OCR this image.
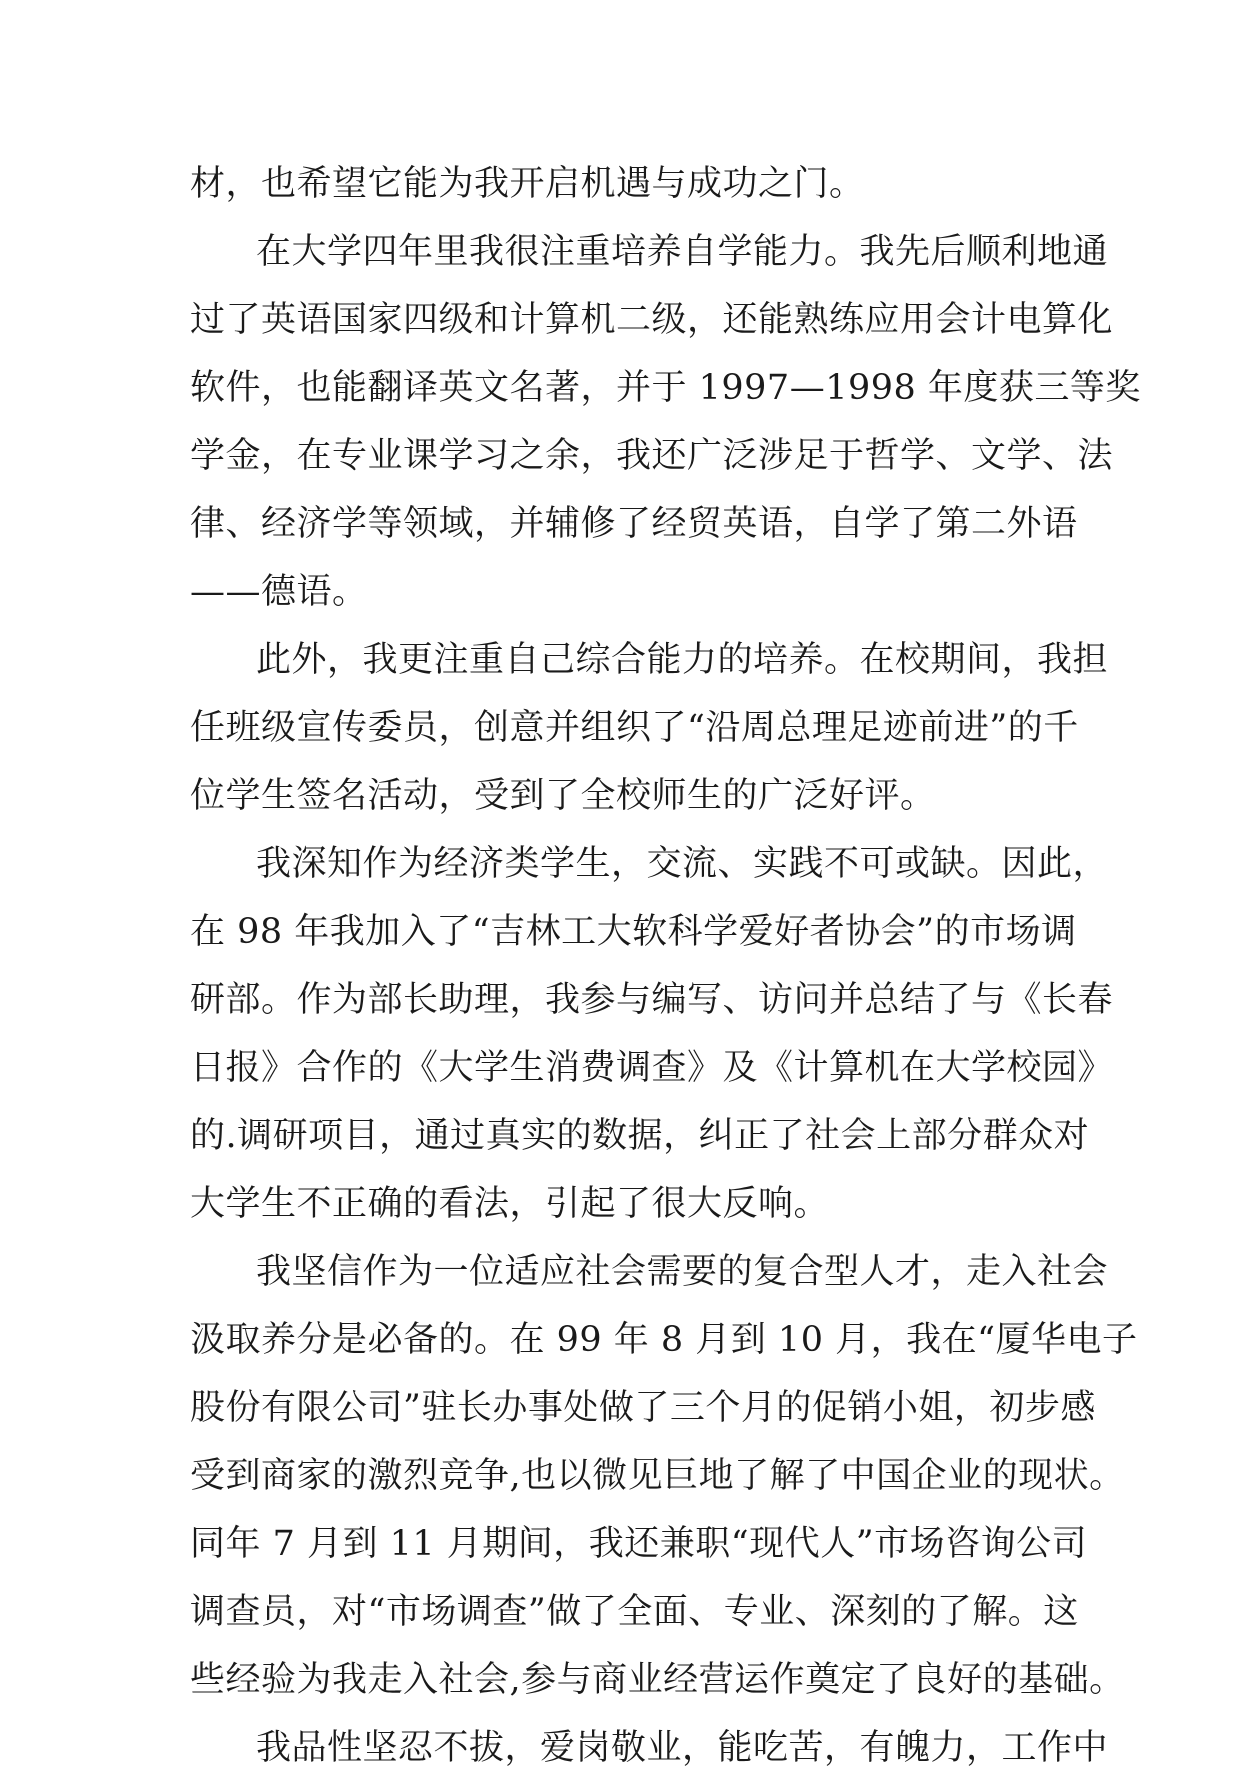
材，也希望它能为我开启机遇与成功之门。
在大学四年里我很注重培养自学能力。我先后顺利地通
过了英语国家四级和计算机二级，还能熟练应用会计电算化
软件，也能翻译英文名著，并于 1997—1998 年度获三等奖
学金，在专业课学习之余，我还广泛涉足于哲学、文学、法
律、经济学等领域，并辅修了经贸英语，自学了第二外语
——德语。
此外，我更注重自己综合能力的培养。在校期间，我担
任班级宣传委员，创意并组织了“沿周总理足迹前进”的千
位学生签名活动，受到了全校师生的广泛好评。
我深知作为经济类学生，交流、实践不可或缺。因此，
在 98 年我加入了“吉林工大软科学爱好者协会”的市场调
研部。作为部长助理，我参与编写、访问并总结了与《长春
日报》合作的《大学生消费调查》及《计算机在大学校园》
的.调研项目，通过真实的数据，纠正了社会上部分群众对
大学生不正确的看法，引起了很大反响。
我坚信作为一位适应社会需要的复合型人才，走入社会
汲取养分是必备的。在 99 年 8 月到 10 月，我在“厦华电子
股份有限公司”驻长办事处做了三个月的促销小姐，初步感
受到商家的激烈竞争,也以微见巨地了解了中国企业的现状。
同年 7 月到 11 月期间，我还兼职“现代人”市场咨询公司
调查员，对“市场调查”做了全面、专业、深刻的了解。这
些经验为我走入社会,参与商业经营运作奠定了良好的基础。
我品性坚忍不拔，爱岗敬业，能吃苦，有魄力，工作中
